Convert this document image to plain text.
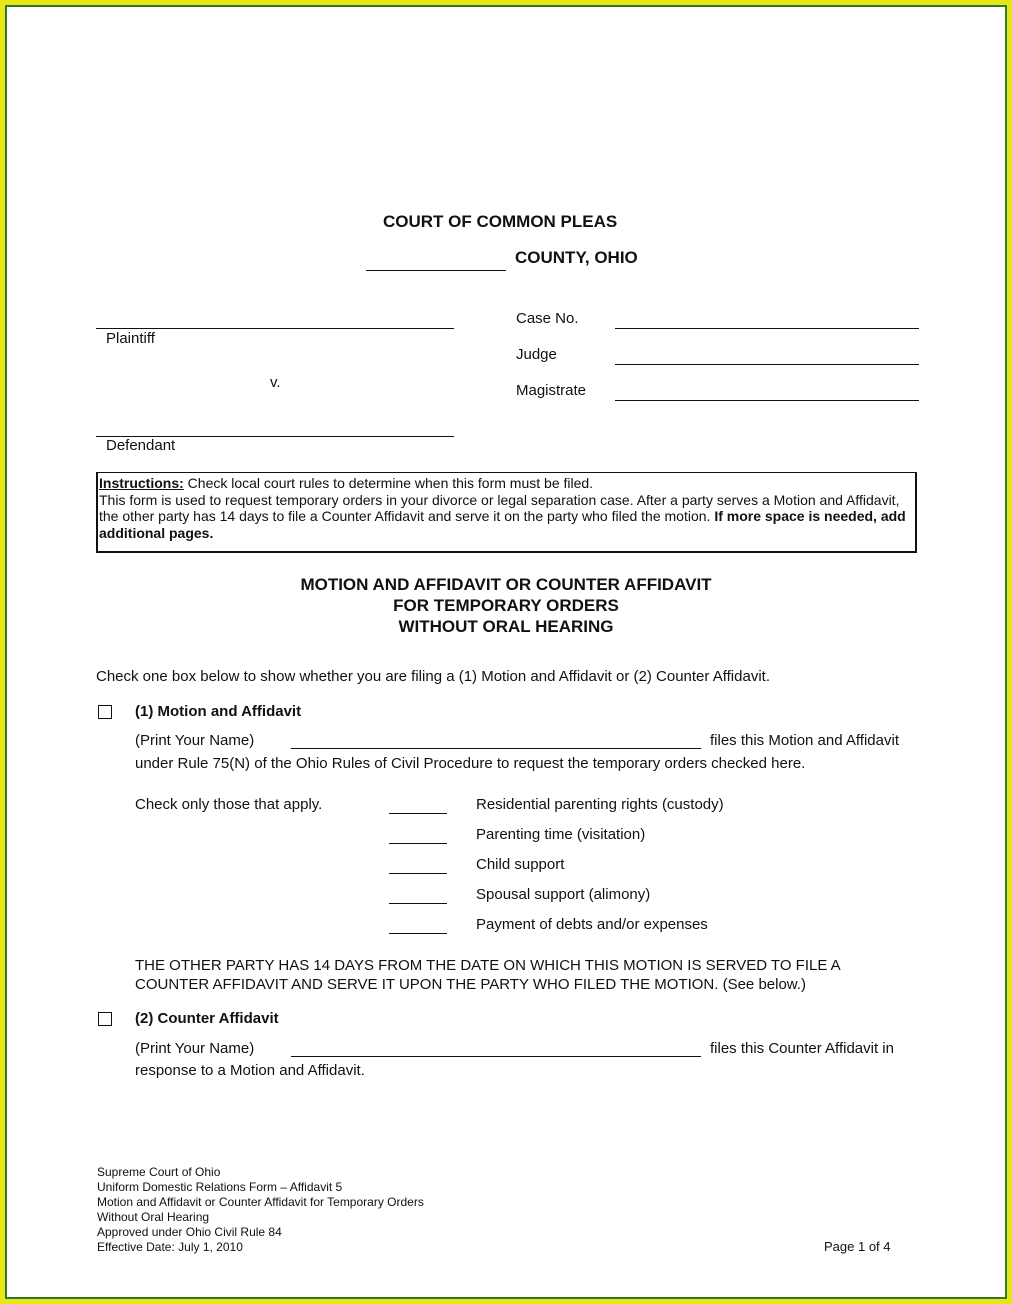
COURT OF COMMON PLEAS
COUNTY, OHIO
Plaintiff
v.
Defendant
Case No.
Judge
Magistrate
Instructions: Check local court rules to determine when this form must be filed.
This form is used to request temporary orders in your divorce or legal separation case. After a party serves a Motion and Affidavit, the other party has 14 days to file a Counter Affidavit and serve it on the party who filed the motion. If more space is needed, add additional pages.
MOTION AND AFFIDAVIT OR COUNTER AFFIDAVIT
FOR TEMPORARY ORDERS
WITHOUT ORAL HEARING
Check one box below to show whether you are filing a (1) Motion and Affidavit or (2) Counter Affidavit.
(1) Motion and Affidavit
(Print Your Name)	files this Motion and Affidavit
under Rule 75(N) of the Ohio Rules of Civil Procedure to request the temporary orders checked here.
Check only those that apply.	Residential parenting rights (custody)
Parenting time (visitation)
Child support
Spousal support (alimony)
Payment of debts and/or expenses
THE OTHER PARTY HAS 14 DAYS FROM THE DATE ON WHICH THIS MOTION IS SERVED TO FILE A
COUNTER AFFIDAVIT AND SERVE IT UPON THE PARTY WHO FILED THE MOTION. (See below.)
(2) Counter Affidavit
(Print Your Name)	files this Counter Affidavit in
response to a Motion and Affidavit.
Supreme Court of Ohio
Uniform Domestic Relations Form – Affidavit 5
Motion and Affidavit or Counter Affidavit for Temporary Orders
Without Oral Hearing
Approved under Ohio Civil Rule 84
Effective Date: July 1, 2010	Page 1 of 4
